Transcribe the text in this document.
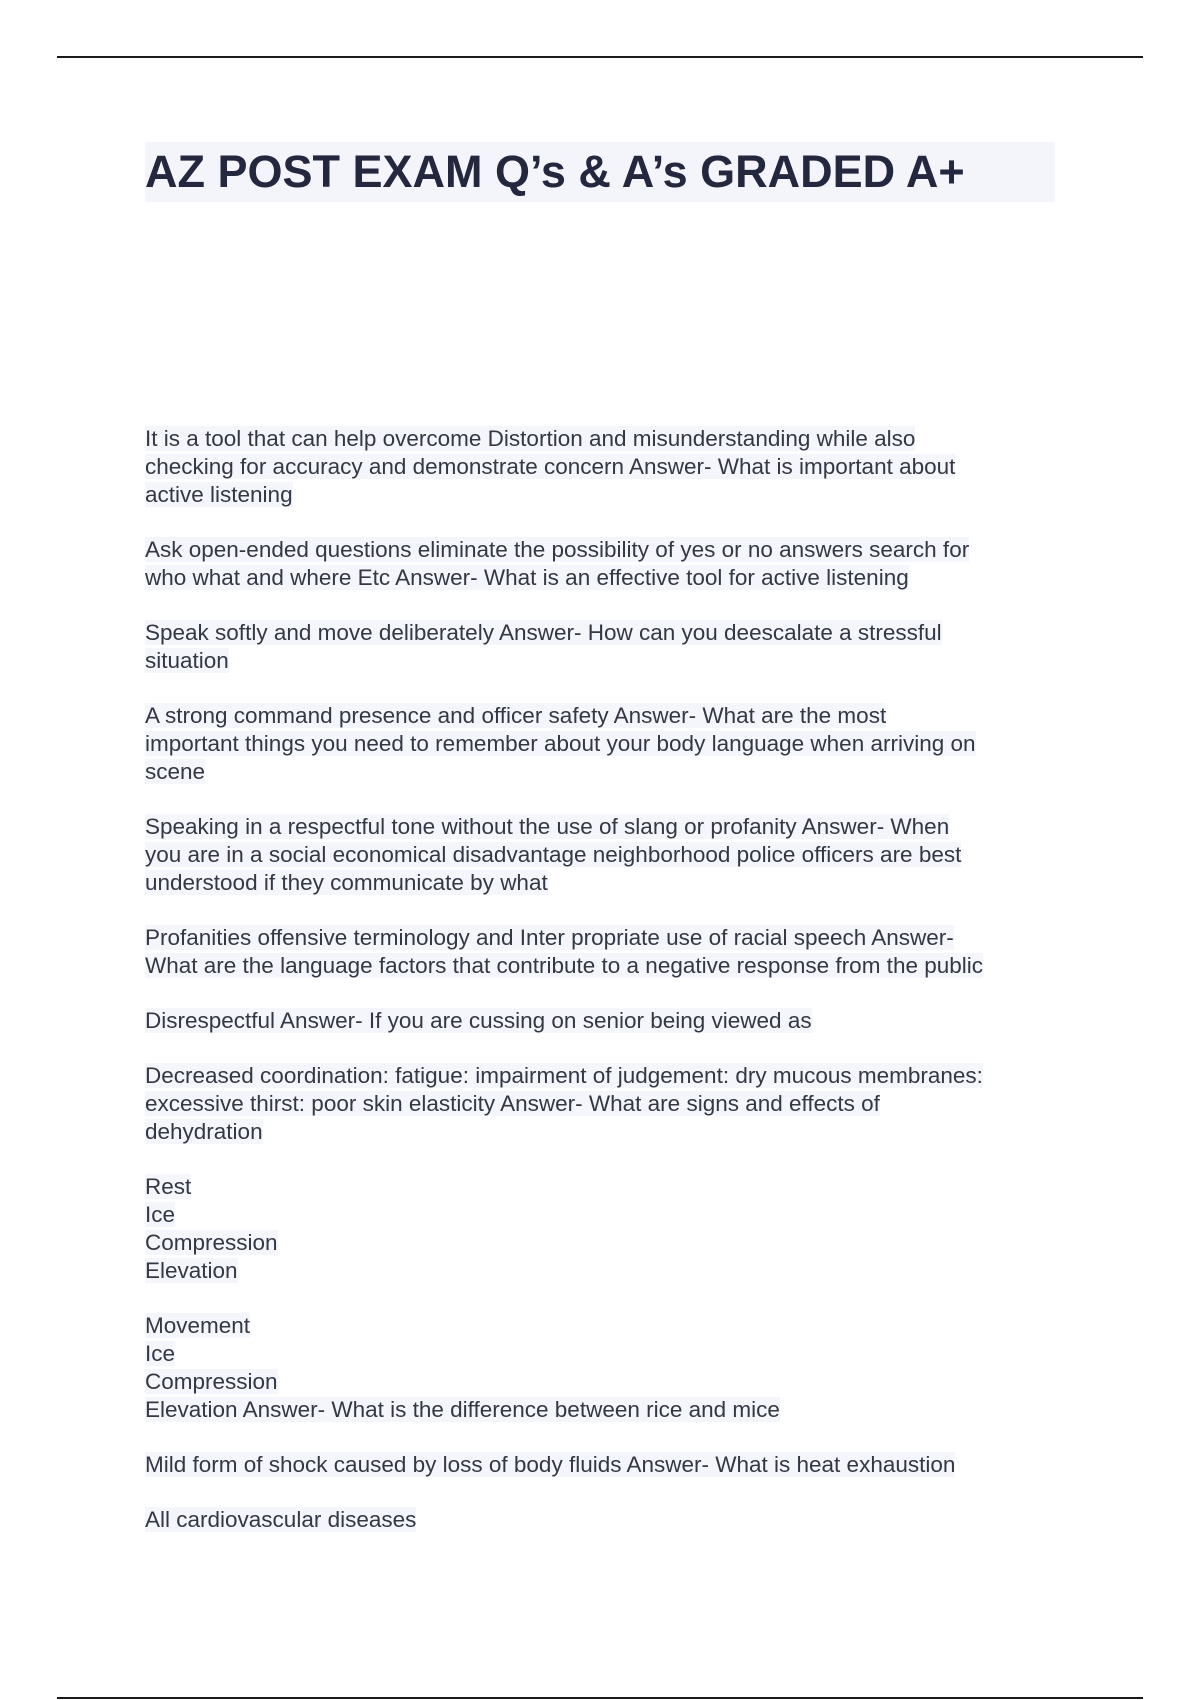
AZ POST EXAM Q’s & A’s GRADED A+
It is a tool that can help overcome Distortion and misunderstanding while also
checking for accuracy and demonstrate concern Answer- What is important about
active listening
Ask open-ended questions eliminate the possibility of yes or no answers search for
who what and where Etc Answer- What is an effective tool for active listening
Speak softly and move deliberately Answer- How can you deescalate a stressful
situation
A strong command presence and officer safety Answer- What are the most
important things you need to remember about your body language when arriving on
scene
Speaking in a respectful tone without the use of slang or profanity Answer- When
you are in a social economical disadvantage neighborhood police officers are best
understood if they communicate by what
Profanities offensive terminology and Inter propriate use of racial speech Answer-
What are the language factors that contribute to a negative response from the public
Disrespectful Answer- If you are cussing on senior being viewed as
Decreased coordination: fatigue: impairment of judgement: dry mucous membranes:
excessive thirst: poor skin elasticity Answer- What are signs and effects of
dehydration
Rest
Ice
Compression
Elevation
Movement
Ice
Compression
Elevation Answer- What is the difference between rice and mice
Mild form of shock caused by loss of body fluids Answer- What is heat exhaustion
All cardiovascular diseases
